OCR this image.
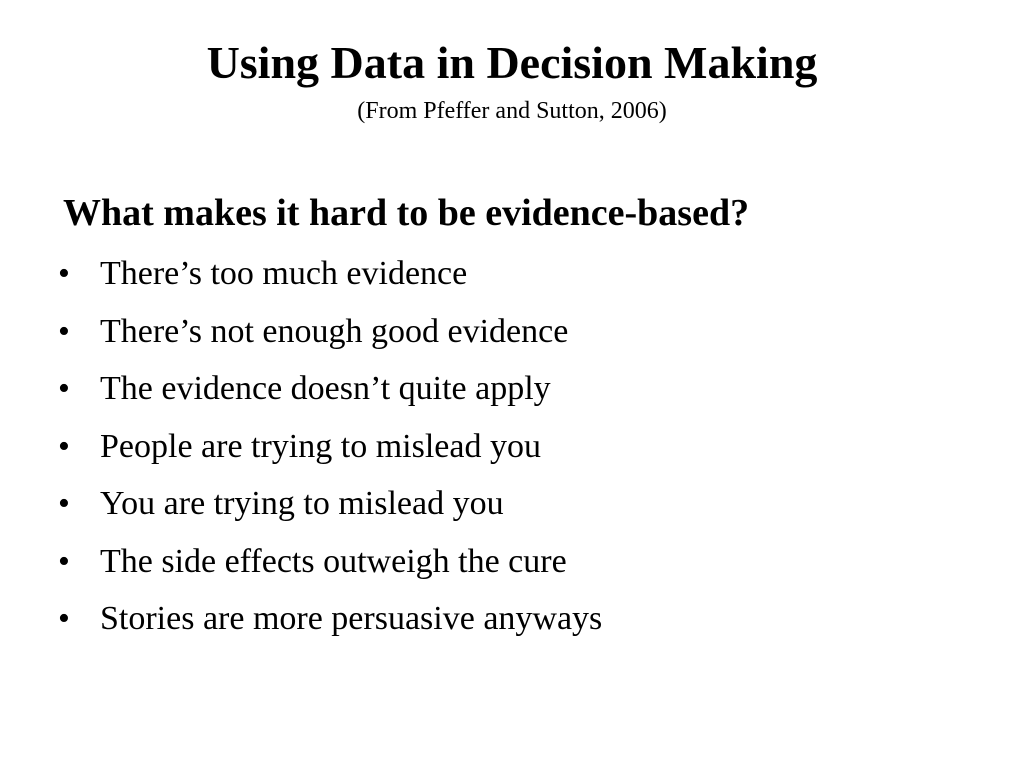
Using Data in Decision Making
(From Pfeffer and Sutton, 2006)
What makes it hard to be evidence-based?
• There’s too much evidence
• There’s not enough good evidence
• The evidence doesn’t quite apply
• People are trying to mislead you
• You are trying to mislead you
• The side effects outweigh the cure
• Stories are more persuasive anyways
